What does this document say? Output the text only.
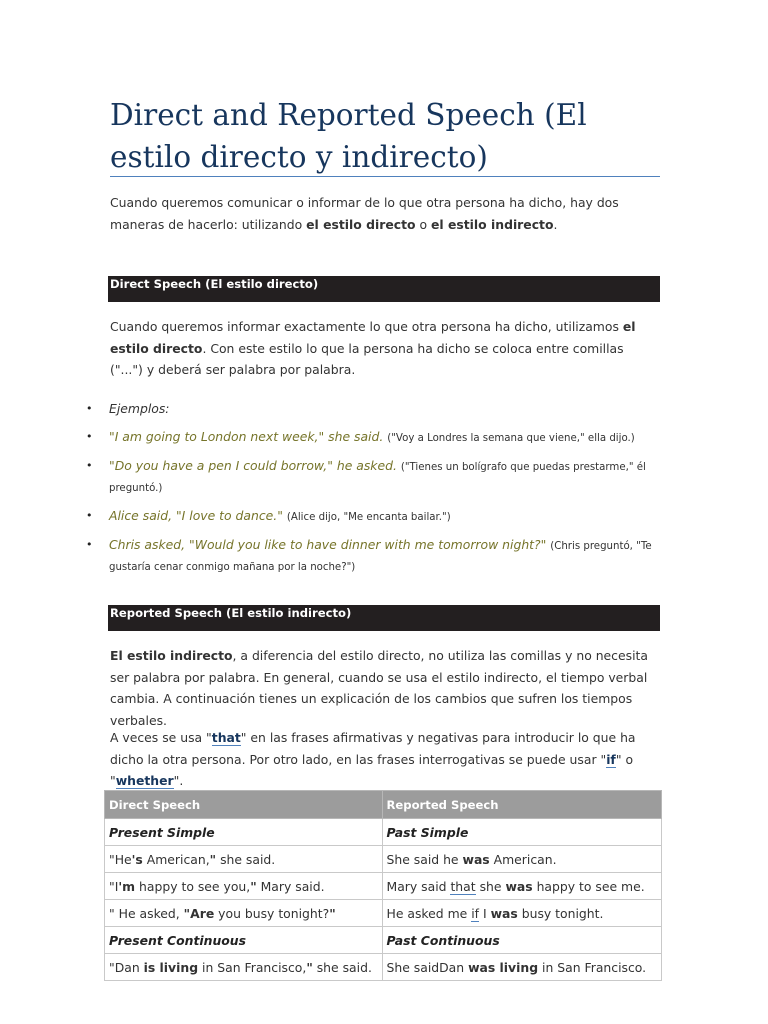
Direct and Reported Speech (El estilo directo y indirecto)

Cuando queremos comunicar o informar de lo que otra persona ha dicho, hay dos maneras de hacerlo: utilizando el estilo directo o el estilo indirecto.

Direct Speech (El estilo directo)

Cuando queremos informar exactamente lo que otra persona ha dicho, utilizamos el estilo directo. Con este estilo lo que la persona ha dicho se coloca entre comillas ("...") y deberá ser palabra por palabra.

• Ejemplos:
• "I am going to London next week," she said. ("Voy a Londres la semana que viene," ella dijo.)
• "Do you have a pen I could borrow," he asked. ("Tienes un bolígrafo que puedas prestarme," él preguntó.)
• Alice said, "I love to dance." (Alice dijo, "Me encanta bailar.")
• Chris asked, "Would you like to have dinner with me tomorrow night?" (Chris preguntó, "Te gustaría cenar conmigo mañana por la noche?")
Reported Speech (El estilo indirecto)

El estilo indirecto, a diferencia del estilo directo, no utiliza las comillas y no necesita ser palabra por palabra. En general, cuando se usa el estilo indirecto, el tiempo verbal cambia. A continuación tienes un explicación de los cambios que sufren los tiempos verbales.

A veces se usa "that" en las frases afirmativas y negativas para introducir lo que ha dicho la otra persona. Por otro lado, en las frases interrogativas se puede usar "if" o "whether".

Direct Speech	Reported Speech
Present Simple	Past Simple
"He's American," she said.	She said he was American.
"I'm happy to see you," Mary said.	Mary said that she was happy to see me.
" He asked, "Are you busy tonight?"	He asked me if I was busy tonight.
Present Continuous	Past Continuous
"Dan is living in San Francisco," she said.	She saidDan was living in San Francisco.
